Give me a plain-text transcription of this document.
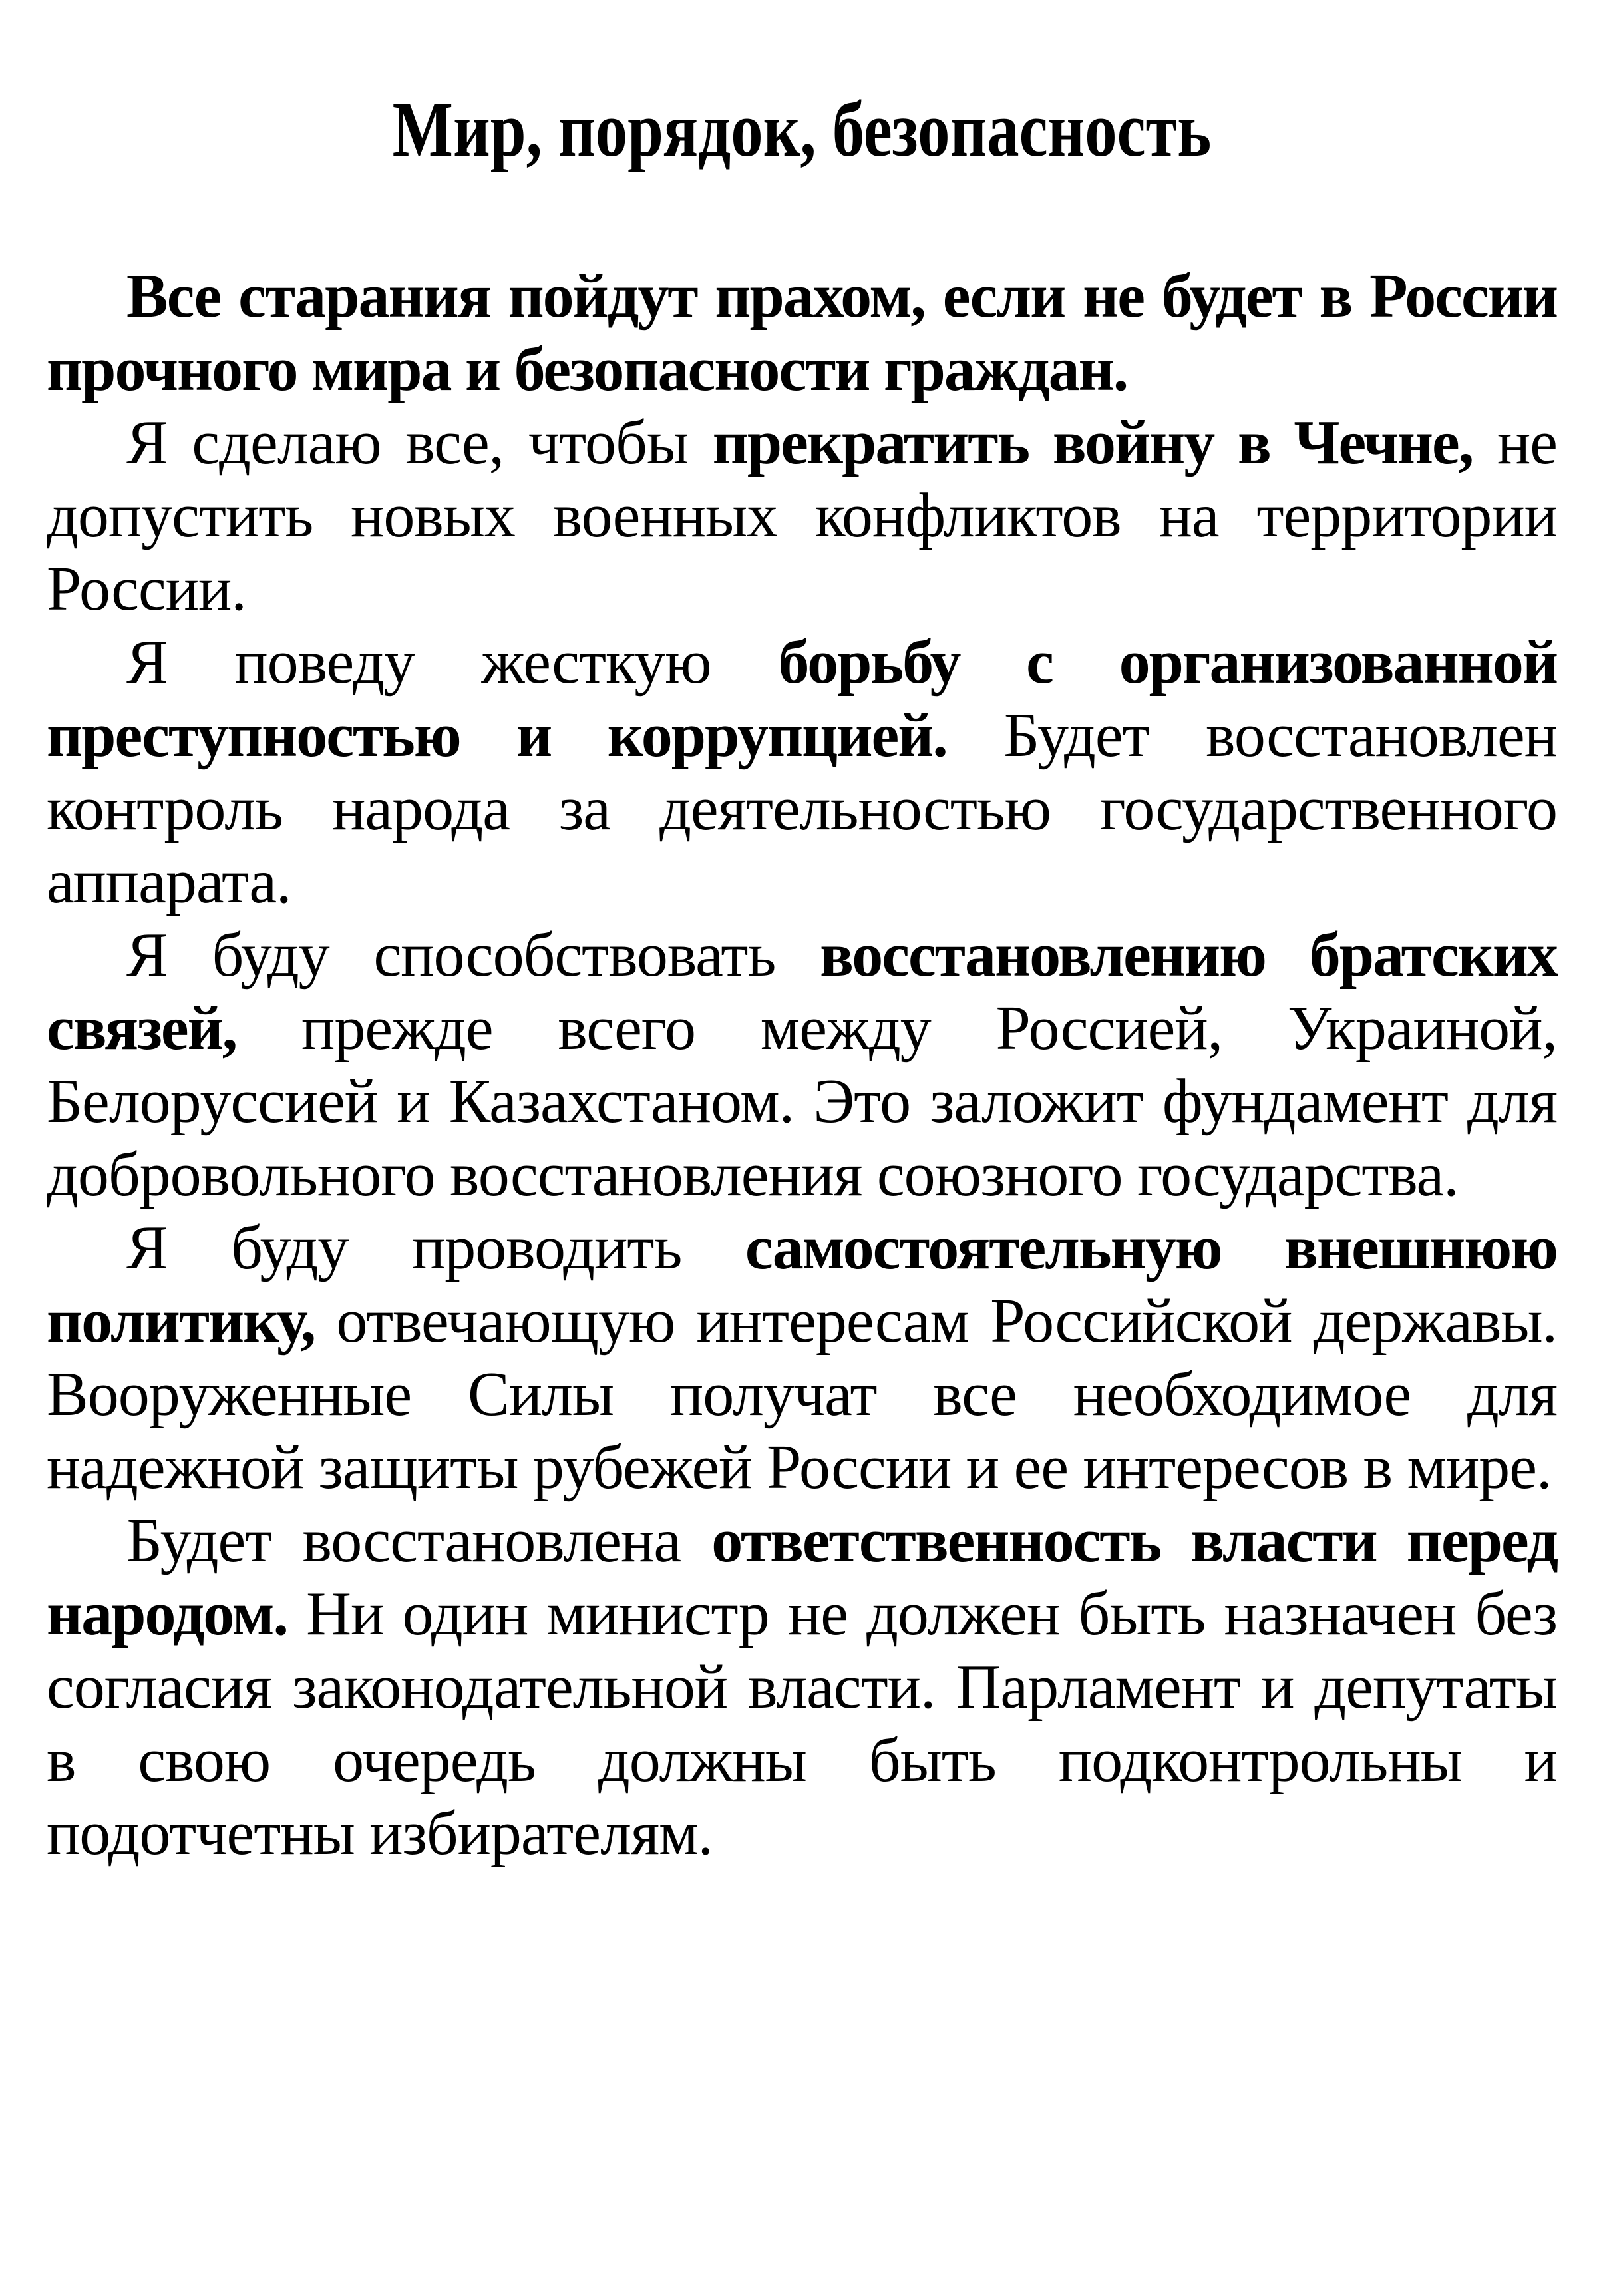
Мир, порядок, безопасность

Все старания пойдут прахом, если не будет в России прочного мира и безопасности граждан.

Я сделаю все, чтобы прекратить войну в Чечне, не допустить новых военных конфликтов на территории России.

Я поведу жесткую борьбу с организованной преступностью и коррупцией. Будет восстановлен контроль народа за деятельностью государственного аппарата.

Я буду способствовать восстановлению братских связей, прежде всего между Россией, Украиной, Белоруссией и Казахстаном. Это заложит фундамент для добровольного восстановления союзного государства.

Я буду проводить самостоятельную внешнюю политику, отвечающую интересам Российской державы. Вооруженные Силы получат все необходимое для надежной защиты рубежей России и ее интересов в мире.

Будет восстановлена ответственность власти перед народом. Ни один министр не должен быть назначен без согласия законодательной власти. Парламент и депутаты в свою очередь должны быть подконтрольны и подотчетны избирателям.
